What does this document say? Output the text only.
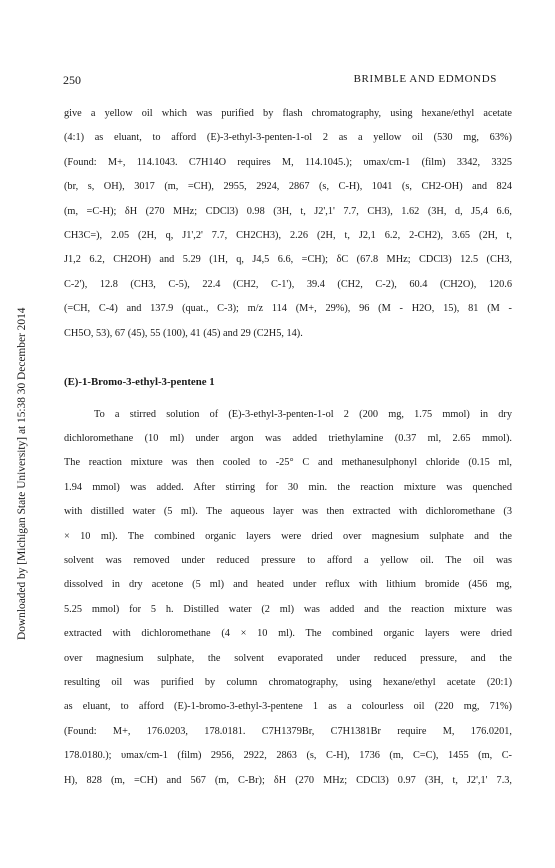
250	BRIMBLE AND EDMONDS
Downloaded by [Michigan State University] at 15:38 30 December 2014
give a yellow oil which was purified by flash chromatography, using hexane/ethyl acetate
(4:1) as eluant, to afford (E)-3-ethyl-3-penten-1-ol 2 as a yellow oil (530 mg, 63%)
(Found: M+, 114.1043. C7H14O requires M, 114.1045.); υmax/cm-1 (film) 3342, 3325
(br, s, OH), 3017 (m, =CH), 2955, 2924, 2867 (s, C-H), 1041 (s, CH2-OH) and 824
(m, =C-H); δH (270 MHz; CDCl3) 0.98 (3H, t, J2',1' 7.7, CH3), 1.62 (3H, d, J5,4 6.6,
CH3C=), 2.05 (2H, q, J1',2' 7.7, CH2CH3), 2.26 (2H, t, J2,1 6.2, 2-CH2), 3.65 (2H, t,
J1,2 6.2, CH2OH) and 5.29 (1H, q, J4,5 6.6, =CH); δC (67.8 MHz; CDCl3) 12.5 (CH3,
C-2'), 12.8 (CH3, C-5), 22.4 (CH2, C-1'), 39.4 (CH2, C-2), 60.4 (CH2O), 120.6
(=CH, C-4) and 137.9 (quat., C-3); m/z 114 (M+, 29%), 96 (M - H2O, 15), 81 (M -
CH5O, 53), 67 (45), 55 (100), 41 (45) and 29 (C2H5, 14).
(E)-1-Bromo-3-ethyl-3-pentene 1
To a stirred solution of (E)-3-ethyl-3-penten-1-ol 2 (200 mg, 1.75 mmol) in dry
dichloromethane (10 ml) under argon was added triethylamine (0.37 ml, 2.65 mmol).
The reaction mixture was then cooled to -25° C and methanesulphonyl chloride (0.15 ml,
1.94 mmol) was added. After stirring for 30 min. the reaction mixture was quenched
with distilled water (5 ml). The aqueous layer was then extracted with dichloromethane (3
× 10 ml). The combined organic layers were dried over magnesium sulphate and the
solvent was removed under reduced pressure to afford a yellow oil. The oil was
dissolved in dry acetone (5 ml) and heated under reflux with lithium bromide (456 mg,
5.25 mmol) for 5 h. Distilled water (2 ml) was added and the reaction mixture was
extracted with dichloromethane (4 × 10 ml). The combined organic layers were dried
over magnesium sulphate, the solvent evaporated under reduced pressure, and the
resulting oil was purified by column chromatography, using hexane/ethyl acetate (20:1)
as eluant, to afford (E)-1-bromo-3-ethyl-3-pentene 1 as a colourless oil (220 mg, 71%)
(Found: M+, 176.0203, 178.0181. C7H1379Br, C7H1381Br require M, 176.0201,
178.0180.); υmax/cm-1 (film) 2956, 2922, 2863 (s, C-H), 1736 (m, C=C), 1455 (m, C-
H), 828 (m, =CH) and 567 (m, C-Br); δH (270 MHz; CDCl3) 0.97 (3H, t, J2',1' 7.3,
